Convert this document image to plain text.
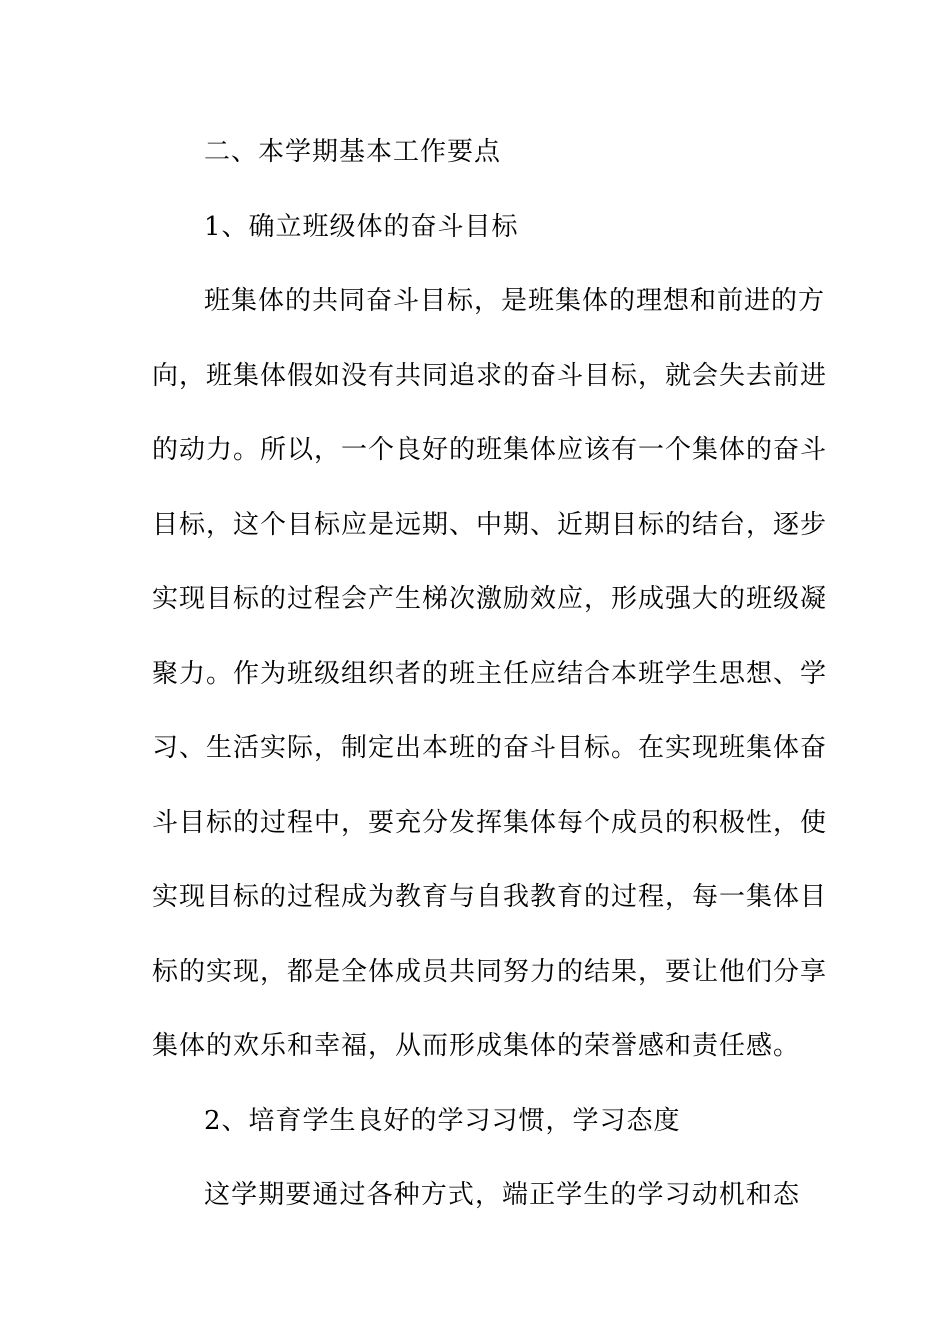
二、本学期基本工作要点
1、确立班级体的奋斗目标
班集体的共同奋斗目标，是班集体的理想和前进的方
向，班集体假如没有共同追求的奋斗目标，就会失去前进
的动力。所以，一个良好的班集体应该有一个集体的奋斗
目标，这个目标应是远期、中期、近期目标的结台，逐步
实现目标的过程会产生梯次激励效应，形成强大的班级凝
聚力。作为班级组织者的班主任应结合本班学生思想、学
习、生活实际，制定出本班的奋斗目标。在实现班集体奋
斗目标的过程中，要充分发挥集体每个成员的积极性，使
实现目标的过程成为教育与自我教育的过程，每一集体目
标的实现，都是全体成员共同努力的结果，要让他们分享
集体的欢乐和幸福，从而形成集体的荣誉感和责任感。
2、培育学生良好的学习习惯，学习态度
这学期要通过各种方式，端正学生的学习动机和态
